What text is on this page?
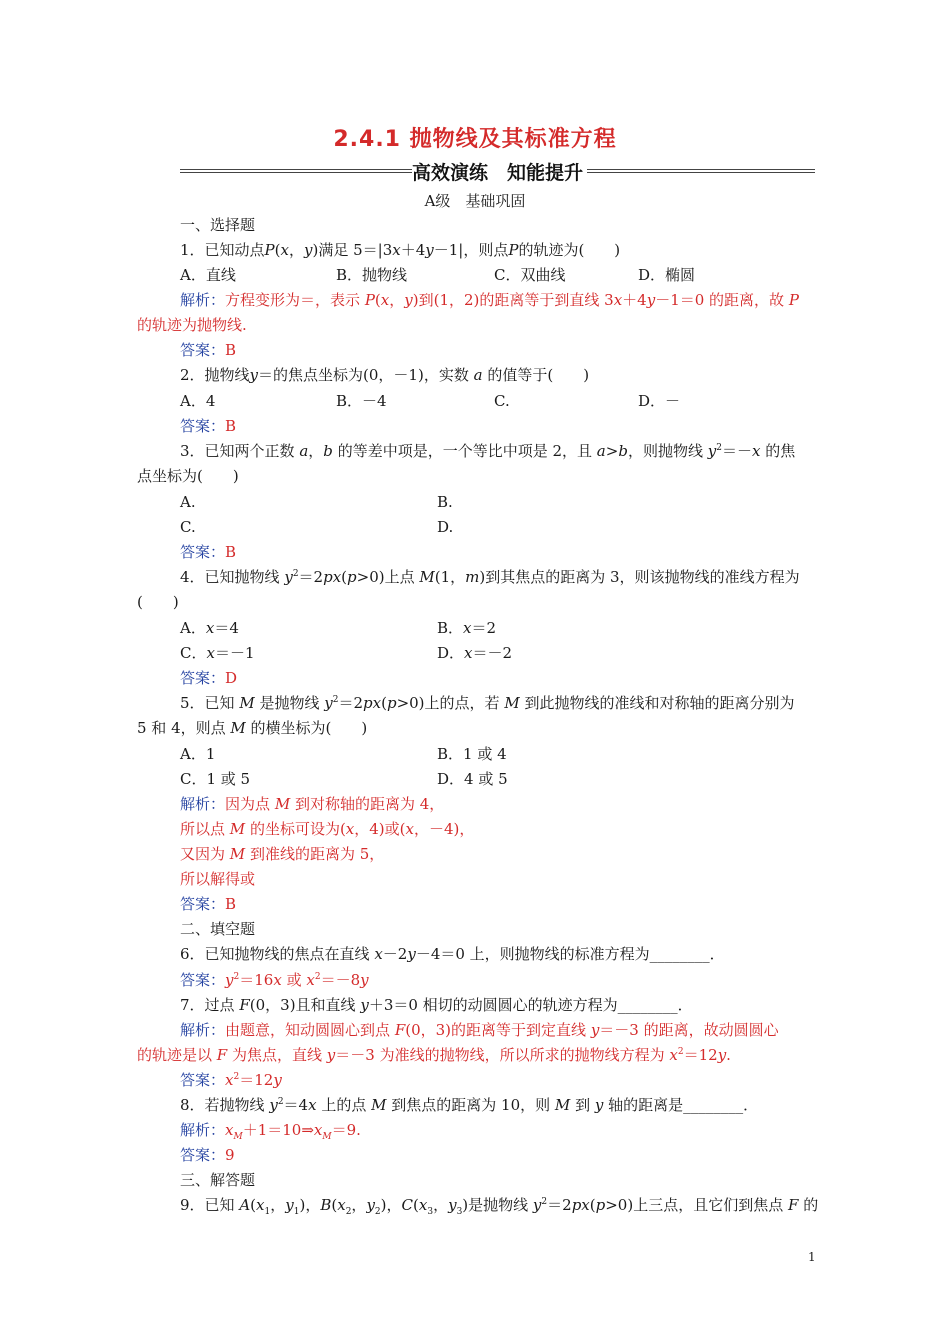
2.4.1 抛物线及其标准方程
高效演练　知能提升
A级　基础巩固
一、选择题
1．已知动点P(x，y)满足 5＝|3x＋4y－1|，则点P的轨迹为(　　)
A．直线	B．抛物线	C．双曲线	D．椭圆
解析：方程变形为＝，表示 P(x，y)到(1，2)的距离等于到直线 3x＋4y－1＝0 的距离，故 P
的轨迹为抛物线.
答案：B
2．抛物线y＝的焦点坐标为(0，－1)，实数 a 的值等于(　　)
A．4	B．－4	C.	D．－
答案：B
3．已知两个正数 a，b 的等差中项是，一个等比中项是 2，且 a>b，则抛物线 $y^2=-x$ 的焦
点坐标为(　　)
A.	B.
C.	D.
答案：B
4．已知抛物线 $y^2=2px(p>0)$上点 M(1，m)到其焦点的距离为 3，则该抛物线的准线方程为
(　　)
A．x＝4	B．x＝2
C．x＝－1	D．x＝－2
答案：D
5．已知 M 是抛物线 $y^2=2px(p>0)$上的点，若 M 到此抛物线的准线和对称轴的距离分别为
5 和 4，则点 M 的横坐标为(　　)
A．1	B．1 或 4
C．1 或 5	D．4 或 5
解析：因为点 M 到对称轴的距离为 4，
所以点 M 的坐标可设为(x，4)或(x，－4)，
又因为 M 到准线的距离为 5，
所以解得或
答案：B
二、填空题
6．已知抛物线的焦点在直线 x－2y－4＝0 上，则抛物线的标准方程为________．
答案：$y^2=16x$ 或 $x^2=-8y$
7．过点 F(0，3)且和直线 y＋3＝0 相切的动圆圆心的轨迹方程为________．
解析：由题意，知动圆圆心到点 F(0，3)的距离等于到定直线 y＝－3 的距离，故动圆圆心
的轨迹是以 F 为焦点，直线 y＝－3 为准线的抛物线，所以所求的抛物线方程为 $x^2=12y$.
答案：$x^2=12y$
8．若抛物线 $y^2=4x$ 上的点 M 到焦点的距离为 10，则 M 到 y 轴的距离是________．
解析：$x_M+1=10\Rightarrow x_M=9$.
答案：9
三、解答题
9．已知 $A(x_1$，$y_1$)，$B(x_2$，$y_2$)，$C(x_3$，$y_3$)是抛物线 $y^2=2px(p>0)$上三点，且它们到焦点 F 的
1
